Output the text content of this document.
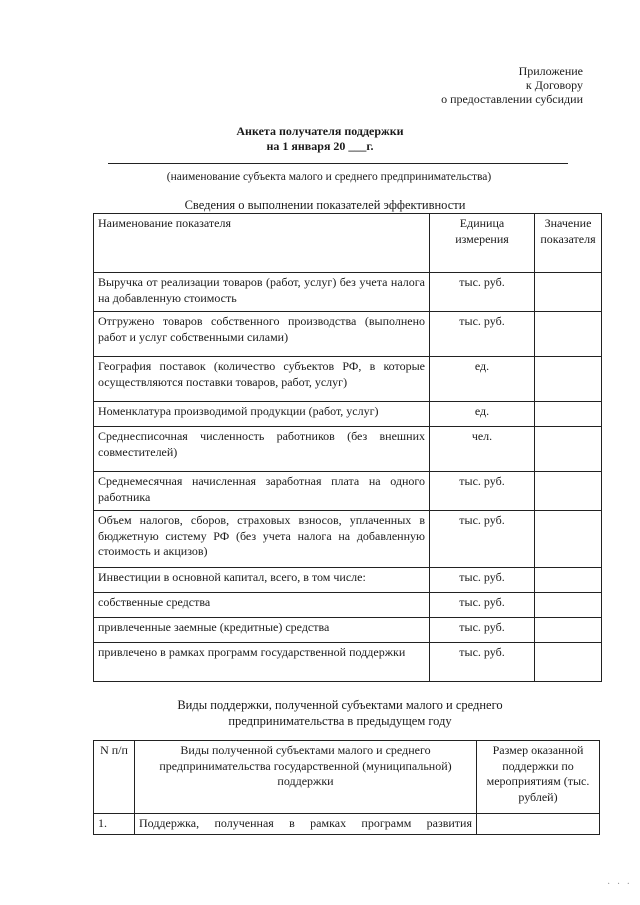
Приложение
к Договору
о предоставлении субсидии
Анкета получателя поддержки
на 1 января 20 ___г.
(наименование субъекта малого и среднего предпринимательства)
Сведения о выполнении показателей эффективности
Наименование показателя	Единица измерения	Значение показателя
Выручка от реализации товаров (работ, услуг) без учета налога на добавленную стоимость	тыс. руб.	
Отгружено товаров собственного производства (выполнено работ и услуг собственными силами)	тыс. руб.	
География поставок (количество субъектов РФ, в которые осуществляются поставки товаров, работ, услуг)	ед.	
Номенклатура производимой продукции (работ, услуг)	ед.	
Среднесписочная численность работников (без внешних совместителей)	чел.	
Среднемесячная начисленная заработная плата на одного работника	тыс. руб.	
Объем налогов, сборов, страховых взносов, уплаченных в бюджетную систему РФ (без учета налога на добавленную стоимость и акцизов)	тыс. руб.	
Инвестиции в основной капитал, всего, в том числе:	тыс. руб.	
собственные средства	тыс. руб.	
привлеченные заемные (кредитные) средства	тыс. руб.	
привлечено в рамках программ государственной поддержки	тыс. руб.	
Виды поддержки, полученной субъектами малого и среднего
предпринимательства в предыдущем году
N п/п	Виды полученной субъектами малого и среднего предпринимательства государственной (муниципальной) поддержки	Размер оказанной поддержки по мероприятиям (тыс. рублей)
1.	Поддержка, полученная в рамках программ развития	
· · ·
